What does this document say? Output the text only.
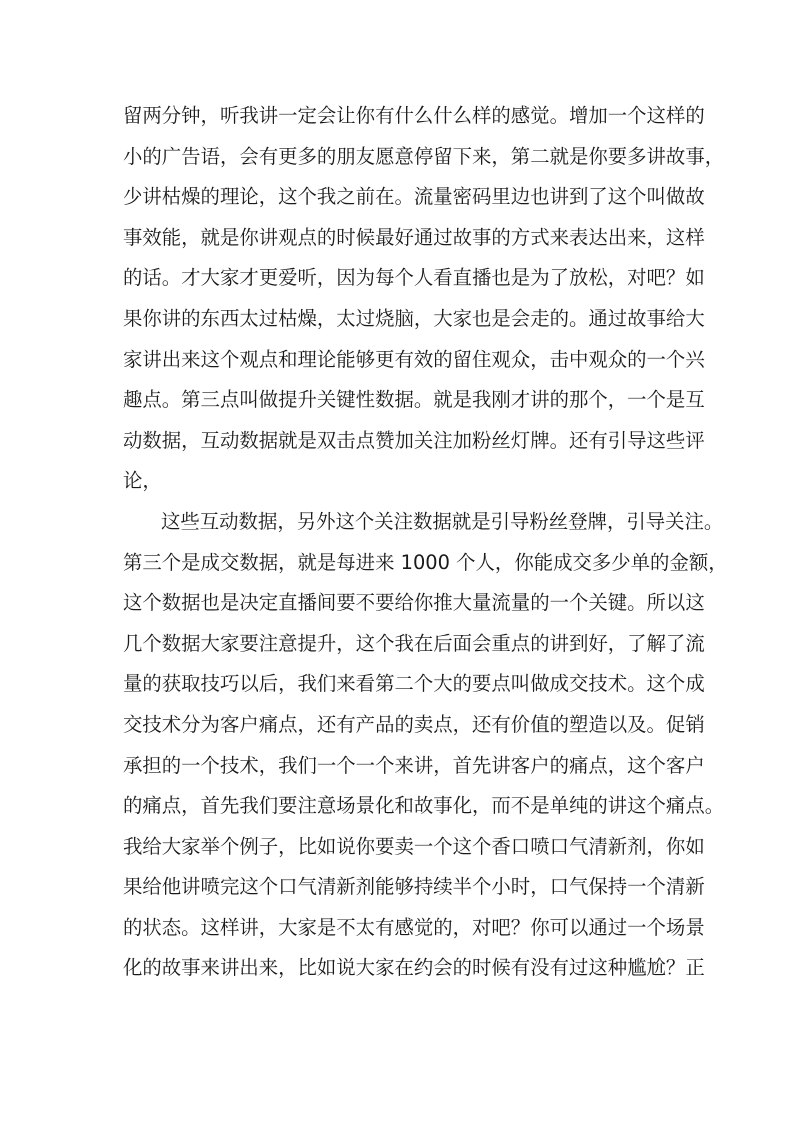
留两分钟，听我讲一定会让你有什么什么样的感觉。增加一个这样的
小的广告语，会有更多的朋友愿意停留下来，第二就是你要多讲故事，
少讲枯燥的理论，这个我之前在。流量密码里边也讲到了这个叫做故
事效能，就是你讲观点的时候最好通过故事的方式来表达出来，这样
的话。才大家才更爱听，因为每个人看直播也是为了放松，对吧？如
果你讲的东西太过枯燥，太过烧脑，大家也是会走的。通过故事给大
家讲出来这个观点和理论能够更有效的留住观众，击中观众的一个兴
趣点。第三点叫做提升关键性数据。就是我刚才讲的那个，一个是互
动数据，互动数据就是双击点赞加关注加粉丝灯牌。还有引导这些评
论，
这些互动数据，另外这个关注数据就是引导粉丝登牌，引导关注。
第三个是成交数据，就是每进来 1000 个人，你能成交多少单的金额，
这个数据也是决定直播间要不要给你推大量流量的一个关键。所以这
几个数据大家要注意提升，这个我在后面会重点的讲到好，了解了流
量的获取技巧以后，我们来看第二个大的要点叫做成交技术。这个成
交技术分为客户痛点，还有产品的卖点，还有价值的塑造以及。促销
承担的一个技术，我们一个一个来讲，首先讲客户的痛点，这个客户
的痛点，首先我们要注意场景化和故事化，而不是单纯的讲这个痛点。
我给大家举个例子，比如说你要卖一个这个香口喷口气清新剂，你如
果给他讲喷完这个口气清新剂能够持续半个小时，口气保持一个清新
的状态。这样讲，大家是不太有感觉的，对吧？你可以通过一个场景
化的故事来讲出来，比如说大家在约会的时候有没有过这种尴尬？正
